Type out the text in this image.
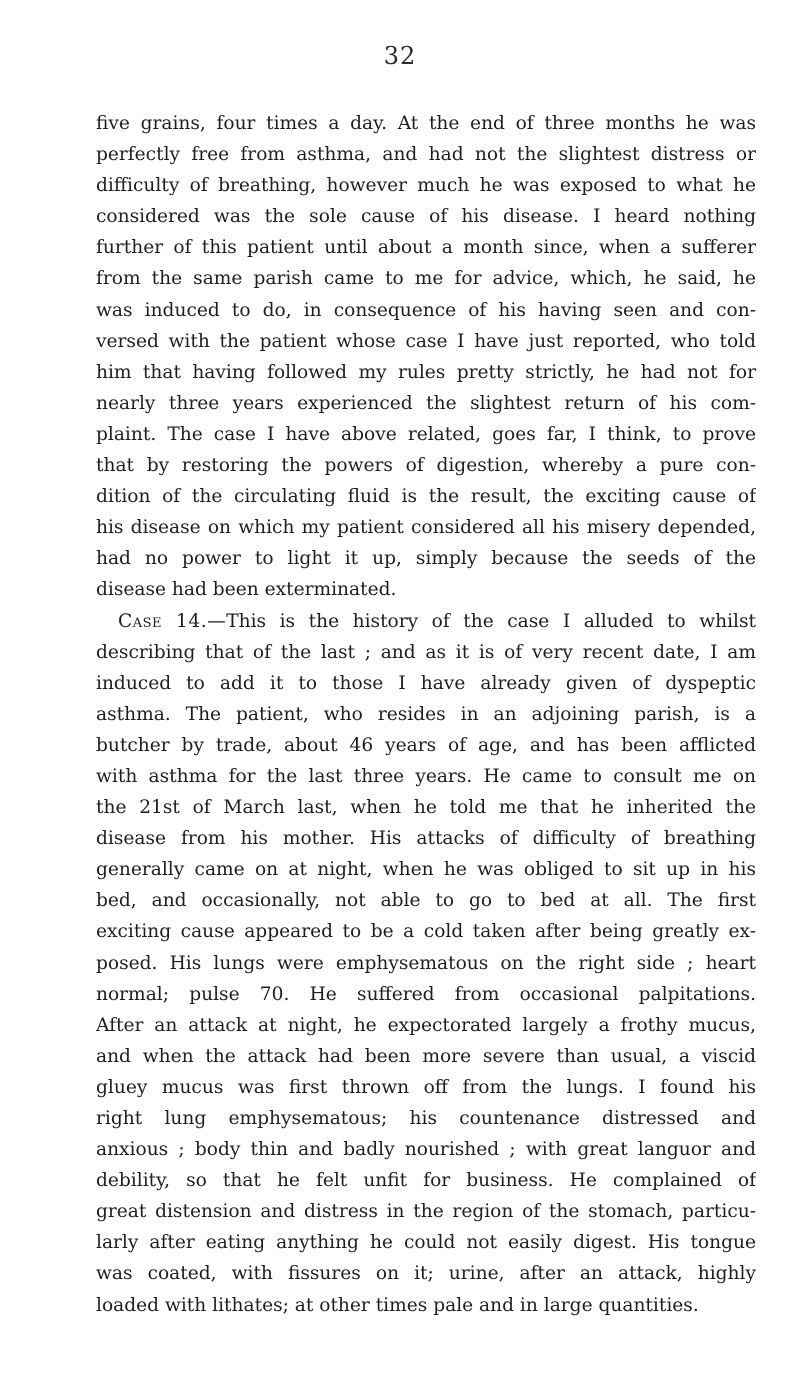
32
five grains, four times a day. At the end of three months he was
perfectly free from asthma, and had not the slightest distress or
difficulty of breathing, however much he was exposed to what he
considered was the sole cause of his disease. I heard nothing
further of this patient until about a month since, when a sufferer
from the same parish came to me for advice, which, he said, he
was induced to do, in consequence of his having seen and con-
versed with the patient whose case I have just reported, who told
him that having followed my rules pretty strictly, he had not for
nearly three years experienced the slightest return of his com-
plaint. The case I have above related, goes far, I think, to prove
that by restoring the powers of digestion, whereby a pure con-
dition of the circulating fluid is the result, the exciting cause of
his disease on which my patient considered all his misery depended,
had no power to light it up, simply because the seeds of the
disease had been exterminated.
Case 14.—This is the history of the case I alluded to whilst
describing that of the last ; and as it is of very recent date, I am
induced to add it to those I have already given of dyspeptic
asthma. The patient, who resides in an adjoining parish, is a
butcher by trade, about 46 years of age, and has been afflicted
with asthma for the last three years. He came to consult me on
the 21st of March last, when he told me that he inherited the
disease from his mother. His attacks of difficulty of breathing
generally came on at night, when he was obliged to sit up in his
bed, and occasionally, not able to go to bed at all. The first
exciting cause appeared to be a cold taken after being greatly ex-
posed. His lungs were emphysematous on the right side ; heart
normal; pulse 70. He suffered from occasional palpitations.
After an attack at night, he expectorated largely a frothy mucus,
and when the attack had been more severe than usual, a viscid
gluey mucus was first thrown off from the lungs. I found his
right lung emphysematous; his countenance distressed and
anxious ; body thin and badly nourished ; with great languor and
debility, so that he felt unfit for business. He complained of
great distension and distress in the region of the stomach, particu-
larly after eating anything he could not easily digest. His tongue
was coated, with fissures on it; urine, after an attack, highly
loaded with lithates; at other times pale and in large quantities.
